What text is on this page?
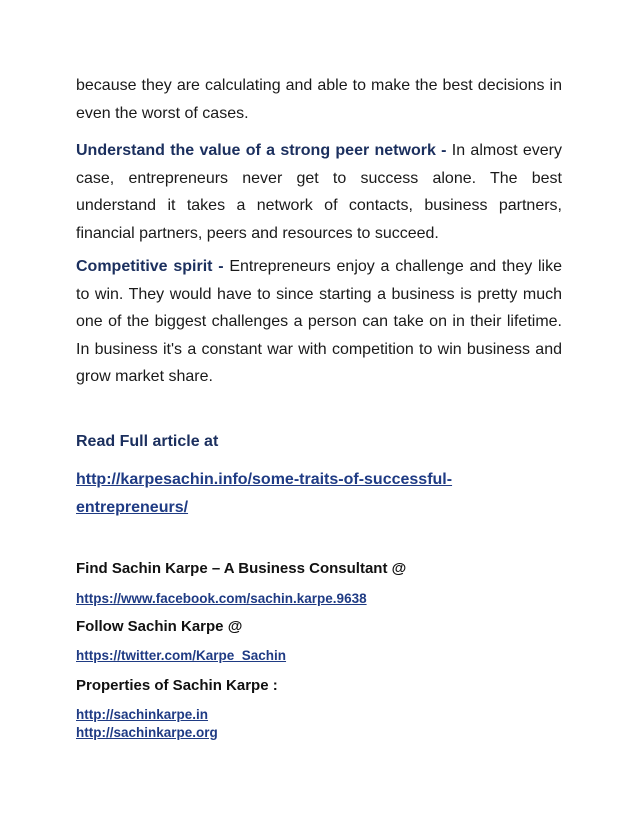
because they are calculating and able to make the best decisions in even the worst of cases.

Understand the value of a strong peer network - In almost every case, entrepreneurs never get to success alone. The best understand it takes a network of contacts, business partners, financial partners, peers and resources to succeed.

Competitive spirit - Entrepreneurs enjoy a challenge and they like to win. They would have to since starting a business is pretty much one of the biggest challenges a person can take on in their lifetime. In business it's a constant war with competition to win business and grow market share.

Read Full article at

http://karpesachin.info/some-traits-of-successful-
entrepreneurs/

Find Sachin Karpe – A Business Consultant @

https://www.facebook.com/sachin.karpe.9638

Follow Sachin Karpe @

https://twitter.com/Karpe_Sachin

Properties of Sachin Karpe :

http://sachinkarpe.in
http://sachinkarpe.org
